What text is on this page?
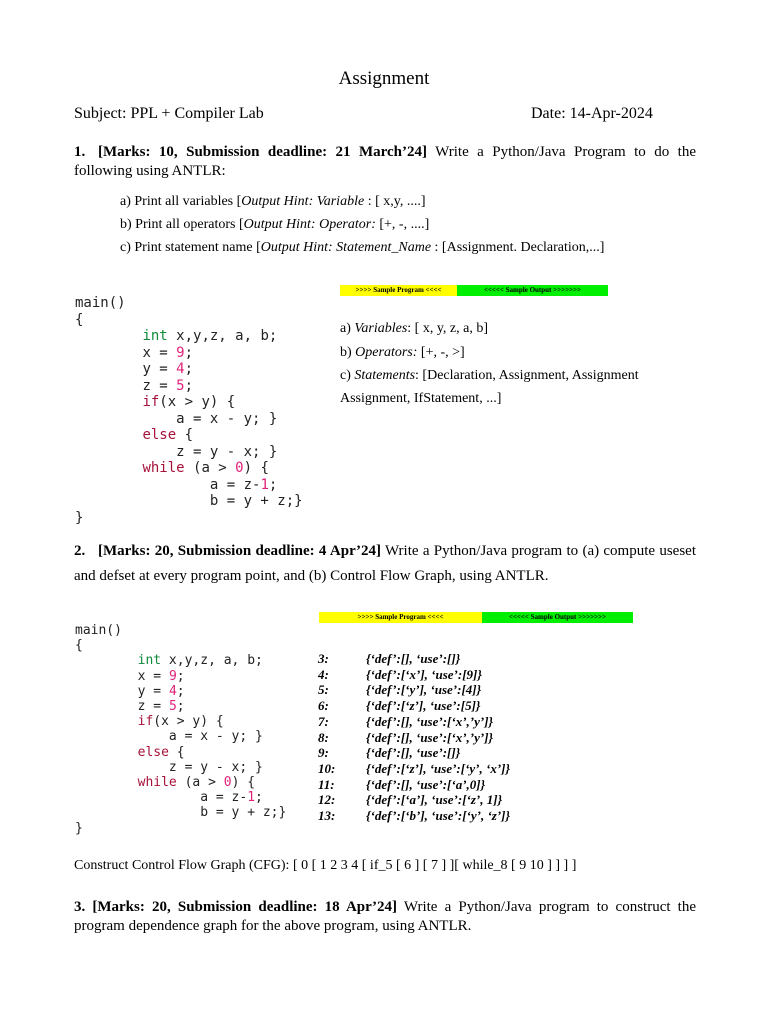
Assignment
Subject: PPL + Compiler Lab	Date: 14-Apr-2024
1. [Marks: 10, Submission deadline: 21 March’24] Write a Python/Java Program to do the following using ANTLR:
a) Print all variables [Output Hint: Variable : [ x,y, ....]
b) Print all operators [Output Hint: Operator: [+, -, ....]
c) Print statement name [Output Hint: Statement_Name : [Assignment. Declaration,...]
>>>> Sample Program <<<<	<<<<< Sample Output >>>>>>>
main()
{
int x,y,z, a, b;
x = 9;
y = 4;
z = 5;
if(x > y) {
a = x - y; }
else {
z = y - x; }
while (a > 0) {
a = z-1;
b = y + z;}
}
a) Variables: [ x, y, z, a, b]
b) Operators: [+, -, >]
c) Statements: [Declaration, Assignment, Assignment
Assignment, IfStatement, ...]
2. [Marks: 20, Submission deadline: 4 Apr’24] Write a Python/Java program to (a) compute useset and defset at every program point, and (b) Control Flow Graph, using ANTLR.
>>>> Sample Program <<<<	<<<<< Sample Output >>>>>>>
main()
{
int x,y,z, a, b;
x = 9;
y = 4;
z = 5;
if(x > y) {
a = x - y; }
else {
z = y - x; }
while (a > 0) {
a = z-1;
b = y + z;}
}
3:	{‘def’:[], ‘use’:[]}
4:	{‘def’:[‘x’], ‘use’:[9]}
5:	{‘def’:[‘y’], ‘use’:[4]}
6:	{‘def’:[‘z’], ‘use’:[5]}
7:	{‘def’:[], ‘use’:[‘x’,’y’]}
8:	{‘def’:[], ‘use’:[‘x’,’y’]}
9:	{‘def’:[], ‘use’:[]}
10:	{‘def’:[‘z’], ‘use’:[‘y’, ‘x’]}
11:	{‘def’:[], ‘use’:[‘a’,0]}
12:	{‘def’:[‘a’], ‘use’:[‘z’, 1]}
13:	{‘def’:[‘b’], ‘use’:[‘y’, ‘z’]}
Construct Control Flow Graph (CFG): [ 0 [ 1 2 3 4 [ if_5 [ 6 ] [ 7 ] ][ while_8 [ 9 10 ] ] ] ]
3. [Marks: 20, Submission deadline: 18 Apr’24] Write a Python/Java program to construct the program dependence graph for the above program, using ANTLR.
